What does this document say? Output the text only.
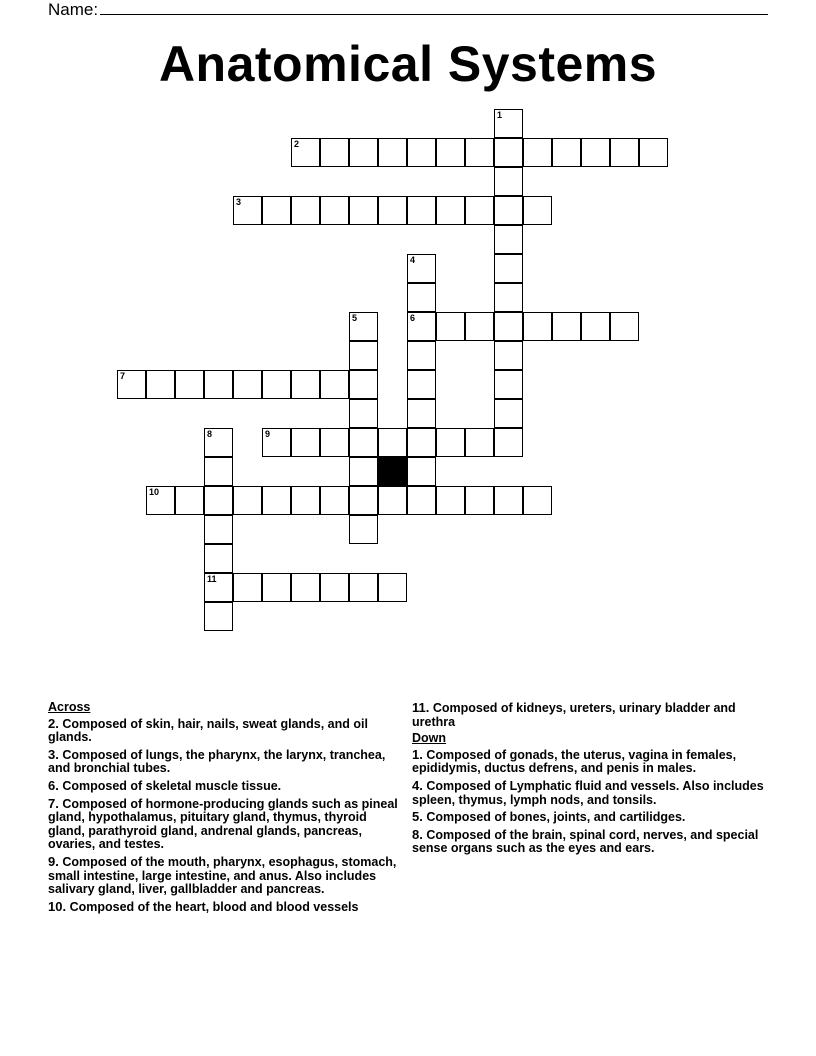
Name:
Anatomical Systems
1
2
3
4
6
5
7
8
11
9
10
Across
2. Composed of skin, hair, nails, sweat glands, and oil glands.
3. Composed of lungs, the pharynx, the larynx, tranchea, and bronchial tubes.
6. Composed of skeletal muscle tissue.
7. Composed of hormone-producing glands such as pineal gland, hypothalamus, pituitary gland, thymus, thyroid gland, parathyroid gland, andrenal glands, pancreas, ovaries, and testes.
9. Composed of the mouth, pharynx, esophagus, stomach, small intestine, large intestine, and anus. Also includes salivary gland, liver, gallbladder and pancreas.
10. Composed of the heart, blood and blood vessels
11. Composed of kidneys, ureters, urinary bladder and urethra
Down
1. Composed of gonads, the uterus, vagina in females, epididymis, ductus defrens, and penis in males.
4. Composed of Lymphatic fluid and vessels. Also includes spleen, thymus, lymph nods, and tonsils.
5. Composed of bones, joints, and cartilidges.
8. Composed of the brain, spinal cord, nerves, and special sense organs such as the eyes and ears.
